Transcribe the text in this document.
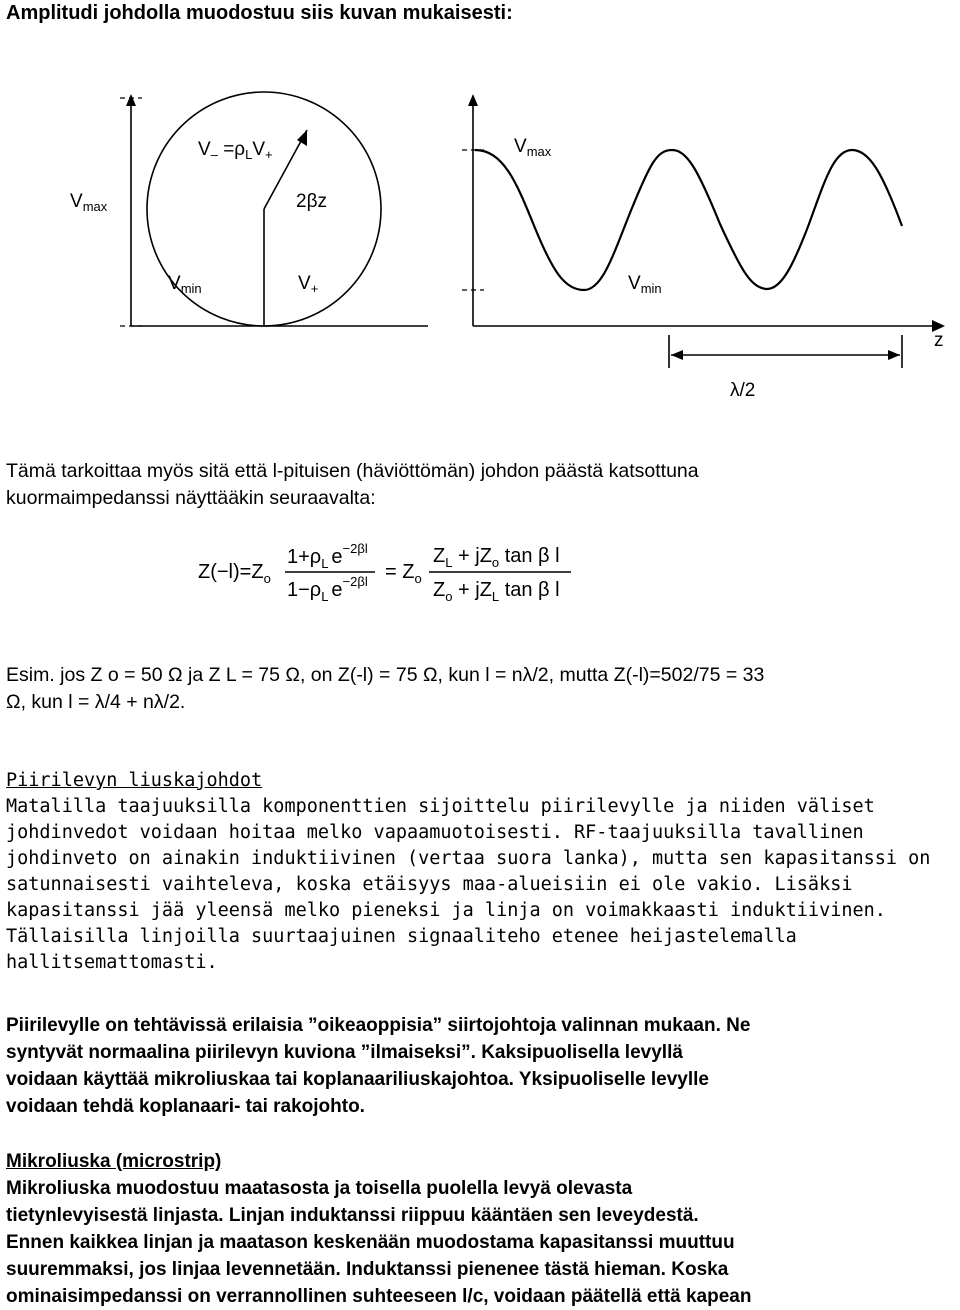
Amplitudi johdolla muodostuu siis kuvan mukaisesti:

$V_- =\rho_LV_+$
$V_{max}$	2βz
$V_{min}$	$V_+$
$V_{max}$
$V_{min}$
z
λ/2

Tämä tarkoittaa myös sitä että l-pituisen (häviöttömän) johdon päästä katsottuna
kuormaimpedanssi näyttääkin seuraavalta:

$Z(-l)=Z_o$
$1+\rho_L$ $e^{-2\beta l}$
$1-\rho_L$ $e^{-2\beta l} = Z_o$
$Z_L + jZ_o$ tan β l
$Z_o + jZ_L$ tan β l

Esim. jos Z o = 50 Ω ja Z L = 75 Ω, on Z(-l) = 75 Ω, kun l = nλ/2, mutta Z(-l)=502/75 = 33
Ω, kun l = λ/4 + nλ/2.

Piirilevyn liuskajohdot
Matalilla taajuuksilla komponenttien sijoittelu piirilevylle ja niiden väliset
johdinvedot voidaan hoitaa melko vapaamuotoisesti. RF-taajuuksilla tavallinen
johdinveto on ainakin induktiivinen (vertaa suora lanka), mutta sen kapasitanssi on
satunnaisesti vaihteleva, koska etäisyys maa-alueisiin ei ole vakio. Lisäksi
kapasitanssi jää yleensä melko pieneksi ja linja on voimakkaasti induktiivinen.
Tällaisilla linjoilla suurtaajuinen signaaliteho etenee heijastelemalla
hallitsemattomasti.

Piirilevylle on tehtävissä erilaisia ”oikeaoppisia” siirtojohtoja valinnan mukaan. Ne
syntyvät normaalina piirilevyn kuviona ”ilmaiseksi”. Kaksipuolisella levyllä
voidaan käyttää mikroliuskaa tai koplanaariliuskajohtoa. Yksipuoliselle levylle
voidaan tehdä koplanaari- tai rakojohto.

Mikroliuska (microstrip)
Mikroliuska muodostuu maatasosta ja toisella puolella levyä olevasta
tietynlevyisestä linjasta. Linjan induktanssi riippuu kääntäen sen leveydestä.
Ennen kaikkea linjan ja maatason keskenään muodostama kapasitanssi muuttuu
suuremmaksi, jos linjaa levennetään. Induktanssi pienenee tästä hieman. Koska
ominaisimpedanssi on verrannollinen suhteeseen l/c, voidaan päätellä että kapean
